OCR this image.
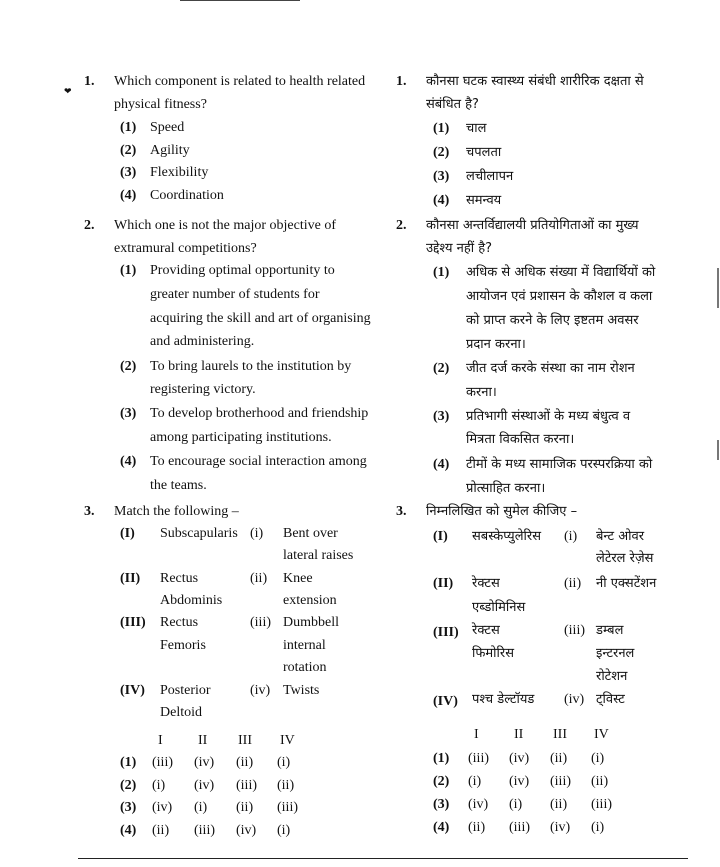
❤
1. Which component is related to health related
physical fitness?
(1) Speed
(2) Agility
(3) Flexibility
(4) Coordination
2. Which one is not the major objective of
extramural competitions?
(1) Providing optimal opportunity to
greater number of students for
acquiring the skill and art of organising
and administering.
(2) To bring laurels to the institution by
registering victory.
(3) To develop brotherhood and friendship
among participating institutions.
(4) To encourage social interaction among
the teams.
3. Match the following –
(I) Subscapularis (i) Bent over
lateral raises
(II) Rectus
Abdominis
(ii) Knee
extension
(III) Rectus
Femoris
(iii) Dumbbell
internal
rotation
(IV) Posterior
Deltoid
(iv) Twists
I	II III IV
(1) (iii) (iv) (ii) (i)
(2) (i) (iv) (iii) (ii)
(3) (iv) (i) (ii) (iii)
(4) (ii) (iii) (iv) (i)
1. कौनसा घटक स्वास्थ्य संबंधी शारीरिक दक्षता से
संबंधित है?
(1) चाल
(2) चपलता
(3) लचीलापन
(4) समन्वय
2. कौनसा अन्तर्विद्यालयी प्रतियोगिताओं का मुख्य
उद्देश्य नहीं है?
(1) अधिक से अधिक संख्या में विद्यार्थियों को
आयोजन एवं प्रशासन के कौशल व कला
को प्राप्त करने के लिए इष्टतम अवसर
प्रदान करना।
(2) जीत दर्ज करके संस्था का नाम रोशन
करना।
(3) प्रतिभागी संस्थाओं के मध्य बंधुत्व व
मित्रता विकसित करना।
(4) टीमों के मध्य सामाजिक परस्परक्रिया को
प्रोत्साहित करना।
3. निम्नलिखित को सुमेल कीजिए –
(I) सबस्केप्युलेरिस (i) बेन्ट ओवर
लेटेरल रेज़ेस
(II) रेक्टस
एब्डोमिनिस
(ii) नी एक्सटेंशन
(III) रेक्टस
फिमोरिस
(iii) डम्बल
इन्टरनल
रोटेशन
(IV) पश्च डेल्टॉयड (iv) ट्विस्ट
I	II III IV
(1) (iii) (iv) (ii) (i)
(2) (i) (iv) (iii) (ii)
(3) (iv) (i) (ii) (iii)
(4) (ii) (iii) (iv) (i)
